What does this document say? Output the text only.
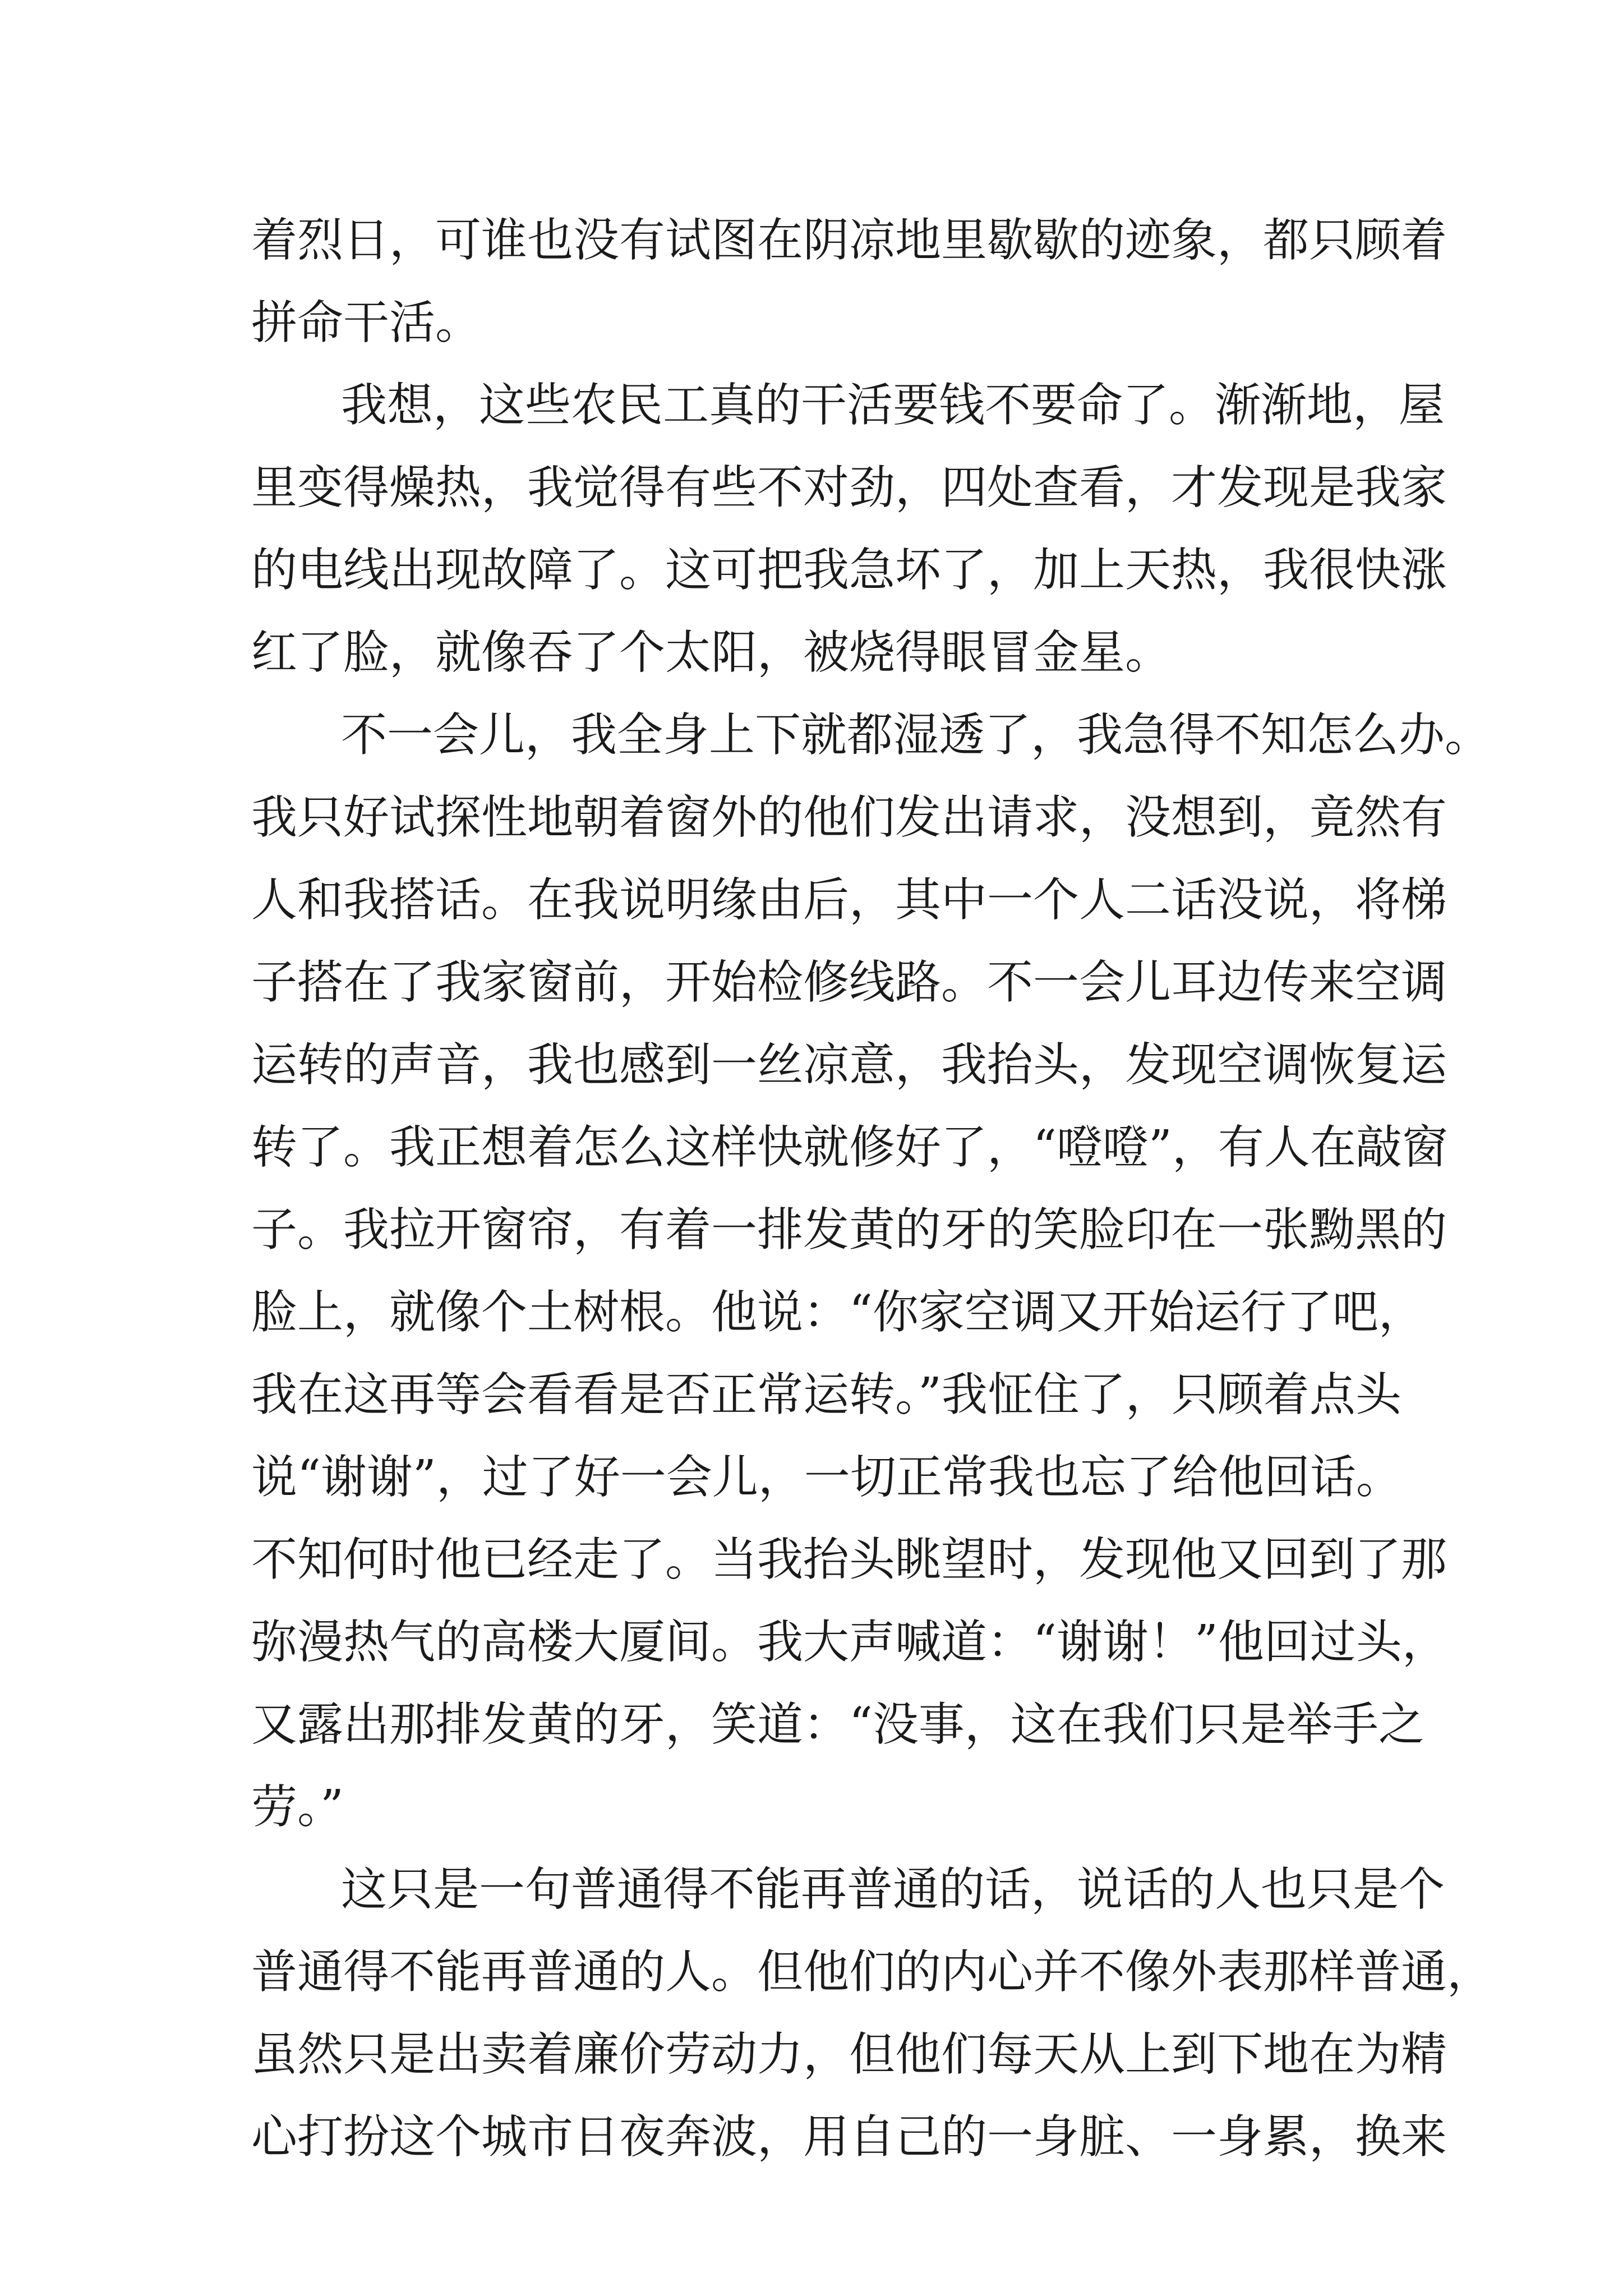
着烈日，可谁也没有试图在阴凉地里歇歇的迹象，都只顾着
拼命干活。
我想，这些农民工真的干活要钱不要命了。渐渐地，屋
里变得燥热，我觉得有些不对劲，四处查看，才发现是我家
的电线出现故障了。这可把我急坏了，加上天热，我很快涨
红了脸，就像吞了个太阳，被烧得眼冒金星。
不一会儿，我全身上下就都湿透了，我急得不知怎么办。
我只好试探性地朝着窗外的他们发出请求，没想到，竟然有
人和我搭话。在我说明缘由后，其中一个人二话没说，将梯
子搭在了我家窗前，开始检修线路。不一会儿耳边传来空调
运转的声音，我也感到一丝凉意，我抬头，发现空调恢复运
转了。我正想着怎么这样快就修好了，“噔噔”，有人在敲窗
子。我拉开窗帘，有着一排发黄的牙的笑脸印在一张黝黑的
脸上，就像个土树根。他说：“你家空调又开始运行了吧，
我在这再等会看看是否正常运转。”我怔住了，只顾着点头
说“谢谢”，过了好一会儿，一切正常我也忘了给他回话。
不知何时他已经走了。当我抬头眺望时，发现他又回到了那
弥漫热气的高楼大厦间。我大声喊道：“谢谢！”他回过头，
又露出那排发黄的牙，笑道：“没事，这在我们只是举手之
劳。”
这只是一句普通得不能再普通的话，说话的人也只是个
普通得不能再普通的人。但他们的内心并不像外表那样普通，
虽然只是出卖着廉价劳动力，但他们每天从上到下地在为精
心打扮这个城市日夜奔波，用自己的一身脏、一身累，换来
